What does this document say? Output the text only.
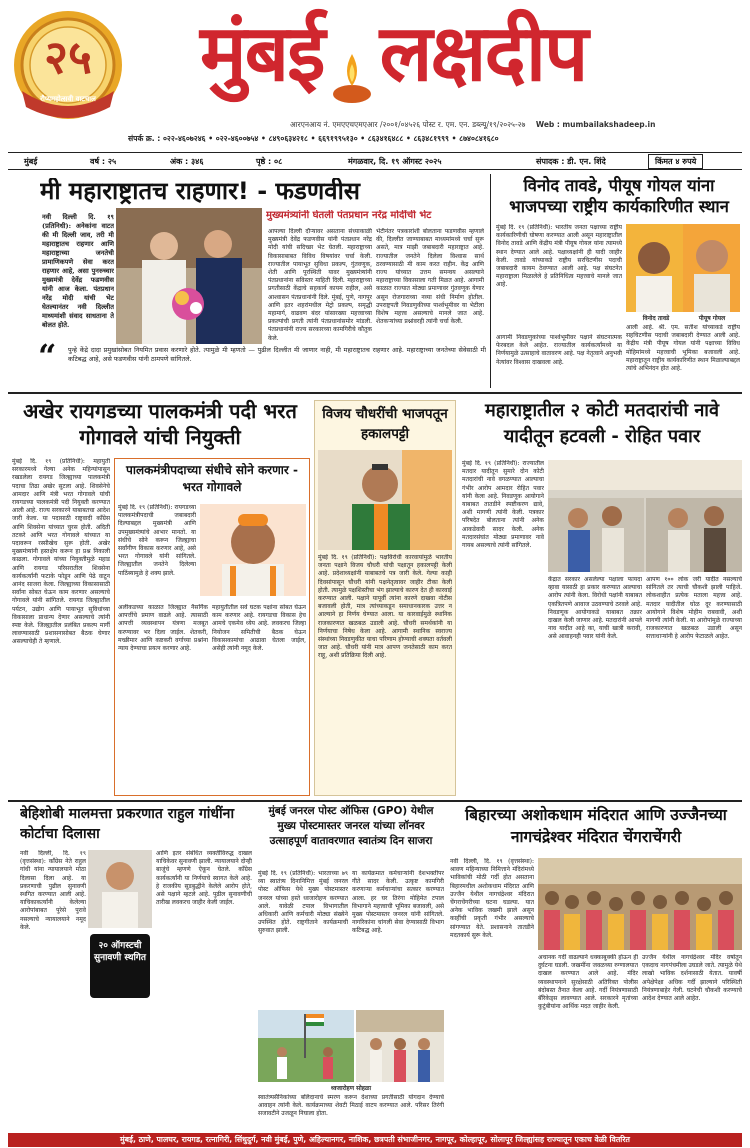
२५
रौप्यमहोत्सवी वाटचाल मुंबई लक्षदीप
आरएनआय नं. एमएएचएमएआर /२००१/०४५२६ पोस्ट र. एम. एन. डब्ल्यू/१९/२०२५-२७ Web : mumbailakshadeep.in
संपर्क क्र. : ०२२-४६०७२४६ • ०२२-४६००७५४ • ८४९०६३४२१८ • ६६९१९९५१३० • ८६३४१६४८८ • ८६३४८१९९९ • ८७४०८४१६८०
मुंबई	वर्ष : २५	अंक : ३४६	पृष्ठे : ०८	मंगळवार, दि. १९ ऑगस्ट २०२५	संपादक : डी. एन. शिंदे	किंमत ४ रुपये
मी महाराष्ट्रातच राहणार! - फडणवीस
मुख्यमंत्र्यांनी घेतली पंतप्रधान नरेंद्र मोदींची भेट
नवी दिल्ली दि. १९ (प्रतिनिधी): अनेकांना वाटत की मी दिल्ली जाव, तरी मी महाराष्ट्रातच राहणार आणि महाराष्ट्राच्या जनतेची प्रामाणिकपणे सेवा करत राहणार आहे, असा पुनरुच्चार मुख्यमंत्री देवेंद्र फडणवीस यांनी आज केला. पंतप्रधान नरेंद्र मोदी यांची भेट घेतल्यानंतर नवी दिल्लीत माध्यमांशी संवाद साधताना ते बोलत होते.
आपल्या दिल्ली दौऱ्यावर असताना संध्याकाळी मुख्यमंत्री देवेंद्र फडणवीस यांनी पंतप्रधान नरेंद्र मोदी यांची सदिच्छा भेट घेतली. महाराष्ट्राच्या विकासाबाबत विविध विषयांवर चर्चा केली. राज्यातील पायाभूत सुविधा प्रकल्प, गुंतवणूक, शेती आणि पूरस्थिती यावर मुख्यमंत्र्यांनी पंतप्रधानांना सविस्तर माहिती दिली. महाराष्ट्राच्या प्रगतीसाठी केंद्राचे सहकार्य कायम राहील, असे आश्वासन पंतप्रधानांनी दिले. मुंबई, पुणे, नागपूर आणि इतर शहरांमधील मेट्रो प्रकल्प, समृद्धी महामार्ग, वाढवण बंदर यांसारख्या महत्त्वाच्या प्रकल्पांची प्रगती त्यांनी पंतप्रधानांसमोर मांडली. पंतप्रधानांनी राज्य सरकारच्या कामगिरीचे कौतुक केले.
भेटीनंतर पत्रकारांशी बोलताना फडणवीस म्हणाले की, दिल्लीत जाण्याबाबत माध्यमांमध्ये चर्चा सुरू असते, मात्र माझी जबाबदारी महाराष्ट्रात आहे. राज्यातील जनतेने दिलेला विश्वास सार्थ ठरवण्यासाठी मी काम करत राहीन. केंद्र आणि राज्य यांच्यात उत्तम समन्वय असल्याने महाराष्ट्राच्या विकासाला गती मिळत आहे. आगामी काळात राज्यात मोठ्या प्रमाणावर गुंतवणूक येणार असून रोजगाराच्या नव्या संधी निर्माण होतील. उपराष्ट्रपती निवडणुकीच्या पार्श्वभूमीवर या भेटीला विशेष महत्त्व असल्याचे मानले जात आहे. शेतकऱ्यांच्या प्रश्नांवरही त्यांनी चर्चा केली.
“ पुन्हे केंद्रे दादा प्रमुखांसोबत नियमित प्रवास करणारे होते. त्यामुळे मी म्हणतो — पुढील दिल्लीत मी जाणार नाही, मी महाराष्ट्रातच राहणार आहे. महाराष्ट्राच्या जनतेच्या सेवेसाठी मी कटिबद्ध आहे, असे फडणवीस यांनी ठामपणे सांगितले.
विनोद तावडे, पीयूष गोयल यांना भाजपच्या राष्ट्रीय कार्यकारिणीत स्थान
मुंबई दि. १९ (प्रतिनिधी): भारतीय जनता पक्षाच्या राष्ट्रीय कार्यकारिणीची घोषणा करण्यात आली असून महाराष्ट्रातील विनोद तावडे आणि केंद्रीय मंत्री पीयूष गोयल यांना त्यामध्ये स्थान देण्यात आले आहे. पक्षाध्यक्षांनी ही यादी जाहीर केली. तावडे यांच्याकडे राष्ट्रीय सरचिटणीस पदाची जबाबदारी कायम ठेवण्यात आली आहे. पक्ष संघटनेत महाराष्ट्राला मिळालेले हे प्रतिनिधित्व महत्त्वाचे मानले जात आहे.
विनोद तावडे	पीयूष गोयल
आगामी निवडणुकांच्या पार्श्वभूमीवर पक्षाने संघटनात्मक फेरबदल केले आहेत. राज्यातील कार्यकर्त्यांमध्ये या निर्णयामुळे उत्साहाचे वातावरण आहे. पक्ष नेतृत्वाने अनुभवी नेत्यांवर विश्वास दाखवला आहे.
आली आहे. श्री. एम. सतीश यांच्याकडे राष्ट्रीय सहचिटणीस पदाची जबाबदारी देण्यात आली आहे. केंद्रीय मंत्री पीयूष गोयल यांनी पक्षाच्या विविध मोहिमांमध्ये महत्त्वाची भूमिका बजावली आहे. महाराष्ट्रातून राष्ट्रीय कार्यकारिणीत स्थान मिळाल्याबद्दल त्यांचे अभिनंदन होत आहे.
अखेर रायगडच्या पालकमंत्री पदी भरत गोगावले यांची नियुक्ती
मुंबई दि. १९ (प्रतिनिधी): महायुती सरकारमध्ये गेल्या अनेक महिन्यांपासून रखडलेला रायगड जिल्ह्याच्या पालकमंत्री पदाचा तिढा अखेर सुटला आहे. शिवसेनेचे आमदार आणि मंत्री भरत गोगावले यांची रायगडच्या पालकमंत्री पदी नियुक्ती करण्यात आली आहे. राज्य सरकारने याबाबतचा आदेश जारी केला. या पदासाठी राष्ट्रवादी काँग्रेस आणि शिवसेना यांच्यात चुरस होती. अदिती तटकरे आणि भरत गोगावले यांच्यात या पदावरून रस्सीखेच सुरू होती. अखेर मुख्यमंत्र्यांनी हस्तक्षेप करून हा प्रश्न निकाली काढला. गोगावले यांच्या नियुक्तीमुळे महाड आणि रायगड परिसरातील शिवसेना कार्यकर्त्यांनी फटाके फोडून आणि पेढे वाटून आनंद साजरा केला. जिल्ह्याच्या विकासासाठी सर्वांना सोबत घेऊन काम करणार असल्याचे गोगावले यांनी सांगितले. रायगड जिल्ह्यातील पर्यटन, उद्योग आणि पायाभूत सुविधांच्या विकासाला प्राधान्य देणार असल्याचे त्यांनी स्पष्ट केले. जिल्ह्यातील प्रलंबित प्रकल्प मार्गी लावण्यासाठी प्रशासनासोबत बैठक घेणार असल्याचेही ते म्हणाले.
पालकमंत्रीपदाच्या संधीचे सोने करणार - भरत गोगावले
मुंबई दि. १९ (प्रतिनिधी): रायगडच्या पालकमंत्रीपदाची जबाबदारी दिल्याबद्दल मुख्यमंत्री आणि उपमुख्यमंत्र्यांचे आभार मानतो. या संधीचे सोने करून जिल्ह्याचा सर्वांगीण विकास करणार आहे, असे भरत गोगावले यांनी सांगितले. जिल्ह्यातील जनतेने दिलेल्या पाठिंब्यामुळे हे शक्य झाले.
अलीकडच्या काळात जिल्ह्यात नैसर्गिक आपत्तींचे प्रमाण वाढले आहे. त्यासाठी आपत्ती व्यवस्थापन यंत्रणा मजबूत करण्यावर भर दिला जाईल. शेतकरी, मच्छीमार आणि कष्टकरी वर्गाच्या प्रश्नांना न्याय देण्याचा प्रयत्न करणार आहे.
महायुतीतील सर्व घटक पक्षांना सोबत घेऊन काम करणार आहे. रायगडचा विकास हेच आमचे एकमेव ध्येय आहे. लवकरच जिल्हा नियोजन समितीची बैठक घेऊन विकासकामांचा आढावा घेतला जाईल, असेही त्यांनी नमूद केले.
विजय चौधरींची भाजपतून हकालपट्टी
मुंबई दि. १९ (प्रतिनिधी): पक्षविरोधी कारवायांमुळे भारतीय जनता पक्षाने विजय चौधरी यांची पक्षातून हकालपट्टी केली आहे. प्रदेशाध्यक्षांनी याबाबतचे पत्र जारी केले. गेल्या काही दिवसांपासून चौधरी यांनी पक्षनेतृत्वावर जाहीर टीका केली होती. त्यामुळे पक्षशिस्तीचा भंग झाल्याचे कारण देत ही कारवाई करण्यात आली. पक्षाने यापूर्वी त्यांना कारणे दाखवा नोटीस बजावली होती, मात्र त्यांच्याकडून समाधानकारक उत्तर न आल्याने हा निर्णय घेण्यात आला. या कारवाईमुळे स्थानिक राजकारणात खळबळ उडाली आहे. चौधरी समर्थकांनी या निर्णयाचा निषेध केला आहे. आगामी स्थानिक स्वराज्य संस्थांच्या निवडणुकीत याचा परिणाम होण्याची शक्यता वर्तवली जात आहे. चौधरी यांनी मात्र आपण जनतेसाठी काम करत राहू, अशी प्रतिक्रिया दिली आहे.
महाराष्ट्रातील २ कोटी मतदारांची नावे यादीतून हटवली - रोहित पवार
मुंबई दि. १९ (प्रतिनिधी): राज्यातील मतदार यादीतून सुमारे दोन कोटी मतदारांची नावे वगळण्यात आल्याचा गंभीर आरोप आमदार रोहित पवार यांनी केला आहे. निवडणूक आयोगाने याबाबत तातडीने स्पष्टीकरण द्यावे, अशी मागणी त्यांनी केली. पत्रकार परिषदेत बोलताना त्यांनी अनेक आकडेवारी सादर केली. अनेक मतदारसंघांत मोठ्या प्रमाणावर नावे गायब असल्याचे त्यांनी सांगितले.
केंद्रात सरकार असलेल्या पक्षाला फायदा व्हावा यासाठी हा प्रकार करण्यात आल्याचा आरोप त्यांनी केला. विरोधी पक्षांनी याबाबत एकत्रितपणे आवाज उठवण्याचे ठरवले आहे. निवडणूक आयोगाकडे याबाबत तक्रार दाखल केली जाणार आहे. मतदारांनी आपले नाव यादीत आहे का, याची खात्री करावी, असे आवाहनही पवार यांनी केले.
आपण १०० लोक जरी यादीत नसल्याचे सांगितले तर त्याची चौकशी झाली पाहिजे. लोकशाहीत प्रत्येक मताला महत्त्व आहे. मतदार यादीतील घोळ दूर करण्यासाठी आयोगाने विशेष मोहीम राबवावी, अशी मागणी त्यांनी केली. या आरोपांमुळे राज्याच्या राजकारणात खळबळ उडाली असून सत्ताधाऱ्यांनी हे आरोप फेटाळले आहेत.
बेहिशोबी मालमत्ता प्रकरणात राहुल गांधींना कोर्टाचा दिलासा
नवी दिल्ली, दि. १९ (वृत्तसंस्था): काँग्रेस नेते राहुल गांधी यांना न्यायालयाने मोठा दिलासा दिला आहे. या प्रकरणाची पुढील सुनावणी स्थगित करण्यात आली आहे. याचिकाकर्त्यांनी केलेल्या आरोपांबाबत पुरेसे पुरावे नसल्याचे न्यायालयाने नमूद केले.
२० ऑगस्टची सुनावणी स्थगित
आणि इतर संबंधित व्यक्तींविरुद्ध दाखल याचिकेवर सुनावणी झाली. न्यायालयाने दोन्ही बाजूंचे म्हणणे ऐकून घेतले. काँग्रेस कार्यकर्त्यांनी या निर्णयाचे स्वागत केले आहे. हे राजकीय सूडबुद्धीने केलेले आरोप होते, असे पक्षाने म्हटले आहे. पुढील सुनावणीची तारीख लवकरच जाहीर केली जाईल.
मुंबई जनरल पोस्ट ऑफिस (GPO) येथील मुख्य पोस्टमास्तर जनरल यांच्या लॉनवर उत्साहपूर्ण वातावरणात स्वातंत्र्य दिन साजरा
मुंबई दि. १९ (प्रतिनिधी): भारताच्या ७९ व्या स्वातंत्र्य दिनानिमित्त मुंबई जनरल पोस्ट ऑफिस येथे मुख्य पोस्टमास्तर जनरल यांच्या हस्ते ध्वजारोहण करण्यात आले. यावेळी टपाल विभागातील अधिकारी आणि कर्मचारी मोठ्या संख्येने उपस्थित होते. राष्ट्रगीताने कार्यक्रमाची सुरुवात झाली.
या कार्यक्रमात कर्मचाऱ्यांनी देशभक्तीपर गीते सादर केली. उत्कृष्ट कामगिरी करणाऱ्या कर्मचाऱ्यांचा सत्कार करण्यात आला. हर घर तिरंगा मोहिमेत टपाल विभागाने महत्त्वाची भूमिका बजावली, असे मुख्य पोस्टमास्तर जनरल यांनी सांगितले. नागरिकांना चांगली सेवा देण्यासाठी विभाग कटिबद्ध आहे.
ध्वजारोहण सोहळा
स्वातंत्र्यसैनिकांच्या बलिदानाचे स्मरण करून देशाच्या प्रगतीसाठी योगदान देण्याचे आवाहन त्यांनी केले. कार्यक्रमाच्या शेवटी मिठाई वाटप करण्यात आले. परिसर तिरंगी सजावटीने उजळून निघाला होता.
बिहारच्या अशोकधाम मंदिरात आणि उज्जैनच्या नागचंद्रेश्वर मंदिरात चेंगराचेंगरी
नवी दिल्ली, दि. १९ (वृत्तसंस्था): श्रावण महिन्याच्या निमित्ताने मंदिरांमध्ये भाविकांची मोठी गर्दी होत असताना बिहारमधील अशोकधाम मंदिरात आणि उज्जैन येथील नागचंद्रेश्वर मंदिरात चेंगराचेंगरीच्या घटना घडल्या. यात अनेक भाविक जखमी झाले असून काहींची प्रकृती गंभीर असल्याचे सांगण्यात येते. प्रशासनाने तातडीने मदतकार्य सुरू केले.
अचानक गर्दी वाढल्याने धक्काबुक्की होऊन ही दुर्घटना घडली. जखमींना जवळच्या रुग्णालयात दाखल करण्यात आले आहे. मंदिर व्यवस्थापनाने सुरक्षेसाठी अतिरिक्त पोलीस बंदोबस्त तैनात केला आहे. गर्दी नियंत्रणासाठी बॅरिकेड्स लावण्यात आले. सरकारने मृतांच्या कुटुंबीयांना आर्थिक मदत जाहीर केली.
उज्जैन येथील नागचंद्रेश्वर मंदिर वर्षातून एकदाच नागपंचमीला उघडले जाते. त्यामुळे येथे लाखो भाविक दर्शनासाठी येतात. यावर्षी अपेक्षेपेक्षा अधिक गर्दी झाल्याने परिस्थिती नियंत्रणाबाहेर गेली. घटनेची चौकशी करण्याचे आदेश देण्यात आले आहेत.
मुंबई, ठाणे, पालघर, रायगड, रत्नागिरी, सिंधुदुर्ग, नवी मुंबई, पुणे, अहिल्यानगर, नाशिक, छत्रपती संभाजीनगर, नागपूर, कोल्हापूर, सोलापूर जिल्ह्यांसह राज्यातून एकाच वेळी वितरित
